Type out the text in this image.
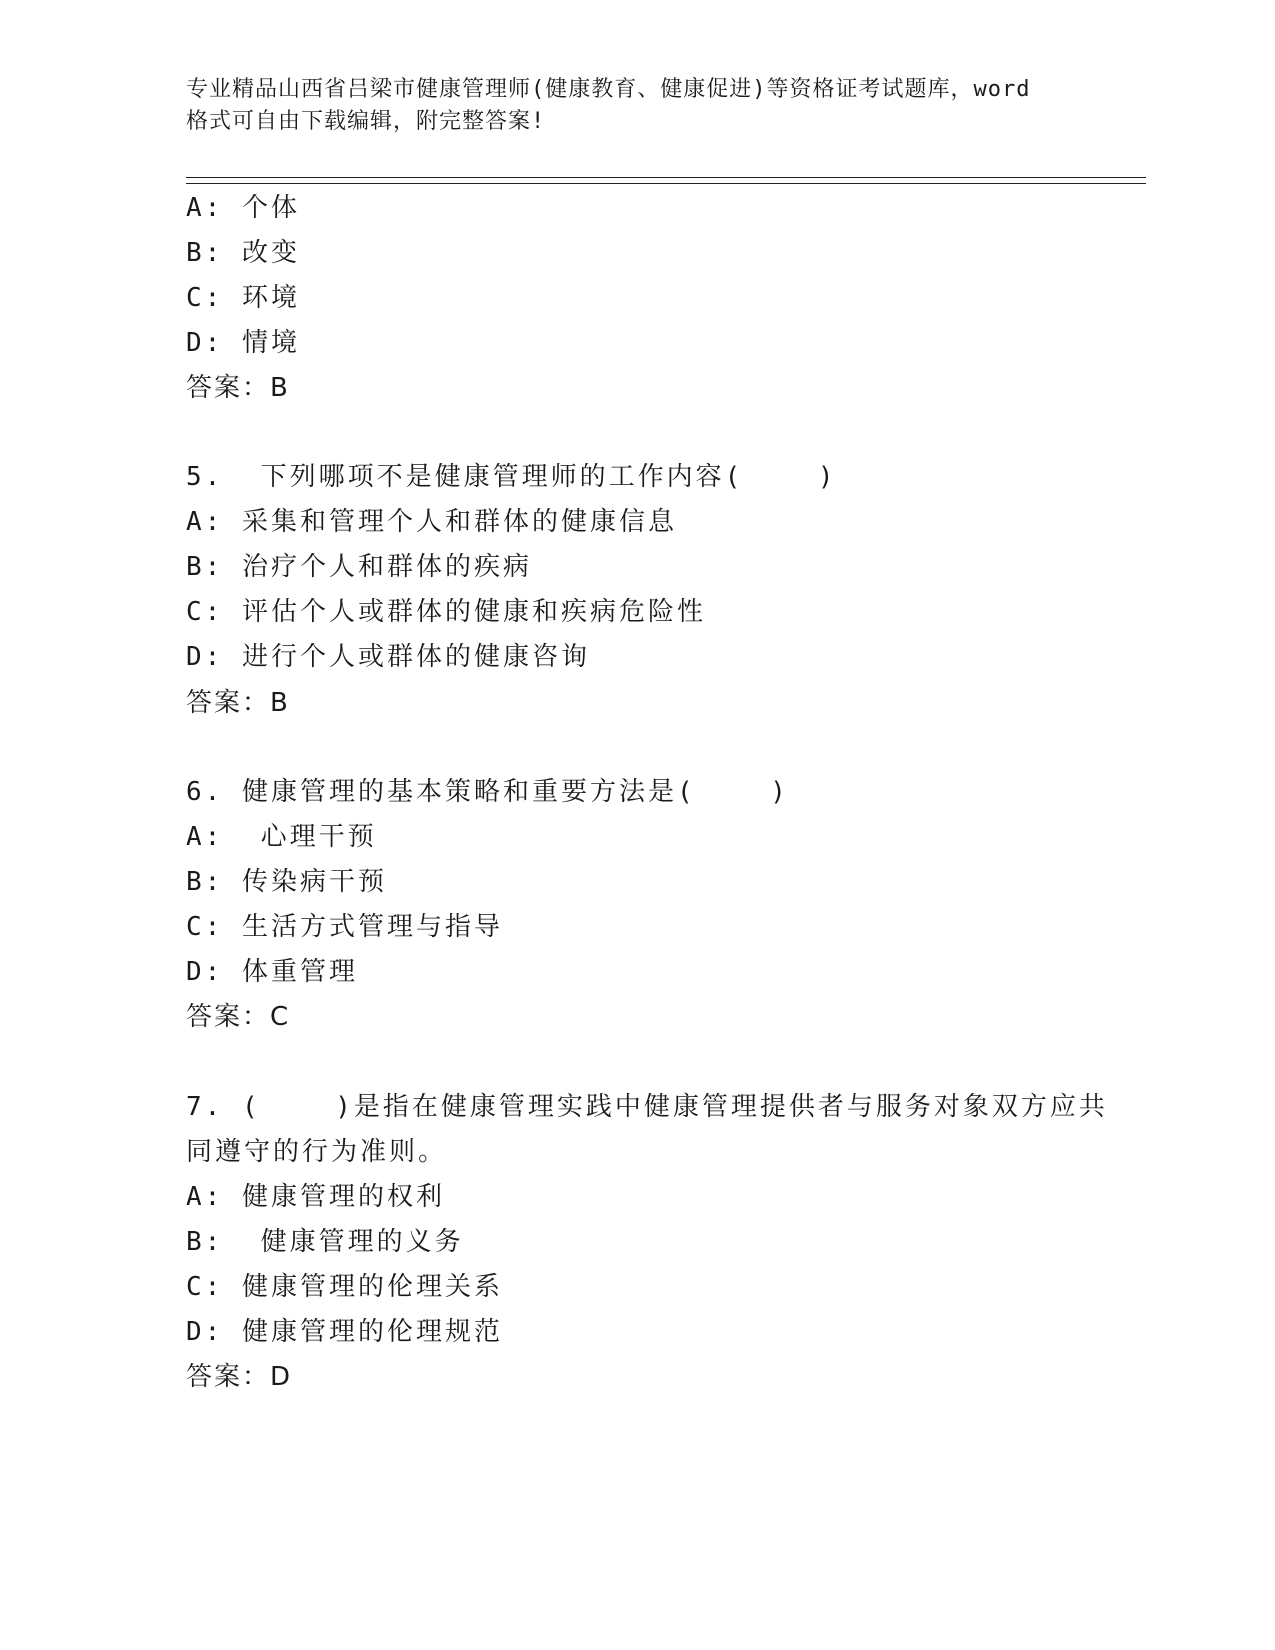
专业精品山西省吕梁市健康管理师(健康教育、健康促进)等资格证考试题库，word
格式可自由下载编辑，附完整答案!
A: 个体
B: 改变
C: 环境
D: 情境
答案：B
5.  下列哪项不是健康管理师的工作内容(    )
A: 采集和管理个人和群体的健康信息
B: 治疗个人和群体的疾病
C: 评估个人或群体的健康和疾病危险性
D: 进行个人或群体的健康咨询
答案：B
6. 健康管理的基本策略和重要方法是(    )
A:  心理干预
B: 传染病干预
C: 生活方式管理与指导
D: 体重管理
答案：C
7. (    )是指在健康管理实践中健康管理提供者与服务对象双方应共
同遵守的行为准则。
A: 健康管理的权利
B:  健康管理的义务
C: 健康管理的伦理关系
D: 健康管理的伦理规范
答案：D
